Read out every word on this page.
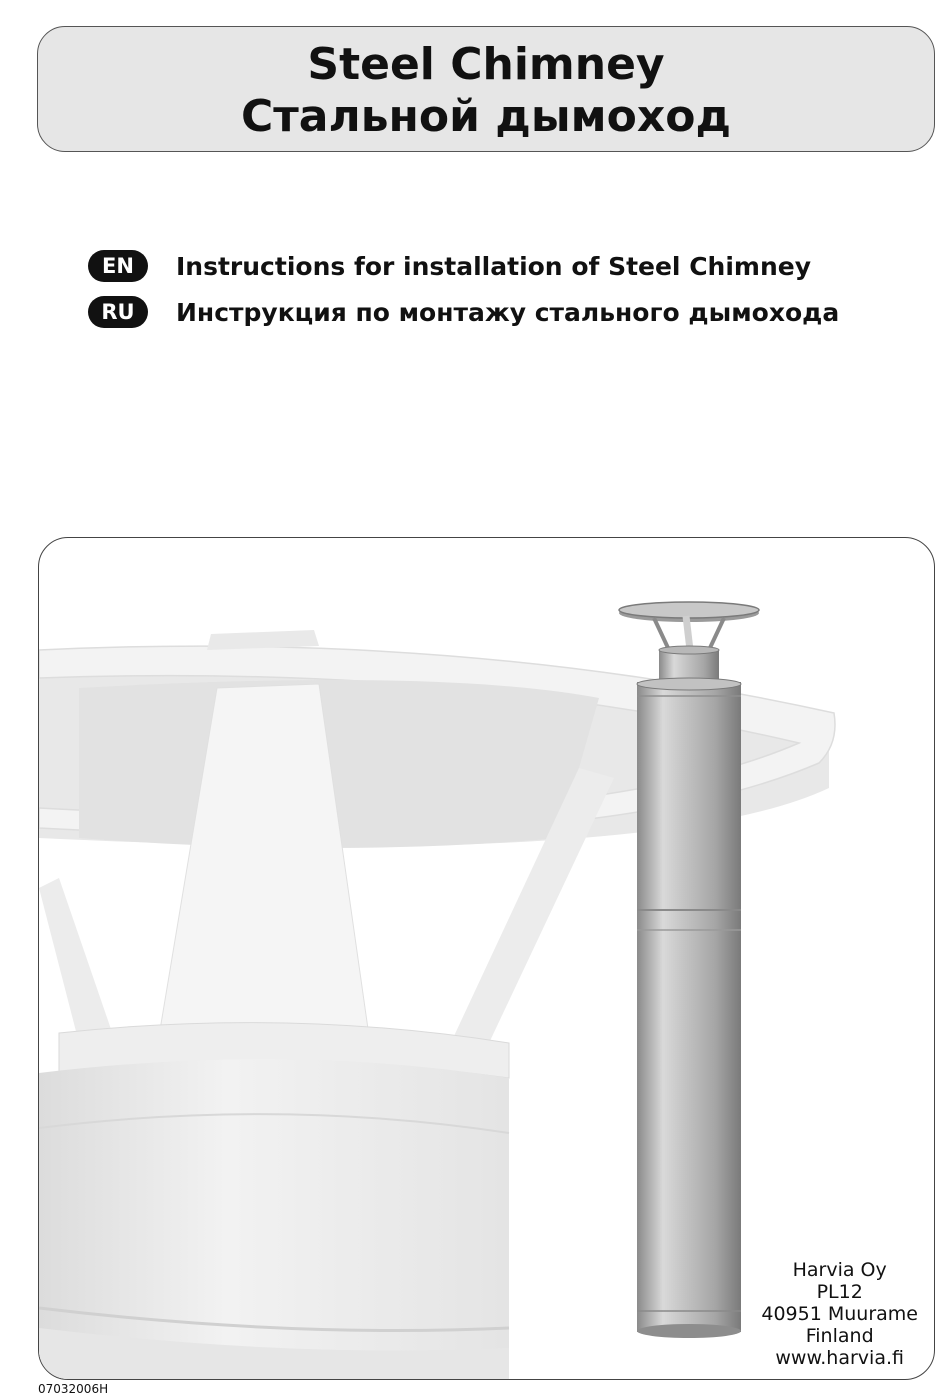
Steel Chimney
Стальной дымоход
EN	Instructions for installation of Steel Chimney
RU	Инструкция по монтажу стального дымохода
Harvia Oy
PL12
40951 Muurame
Finland
www.harvia.fi
07032006H
